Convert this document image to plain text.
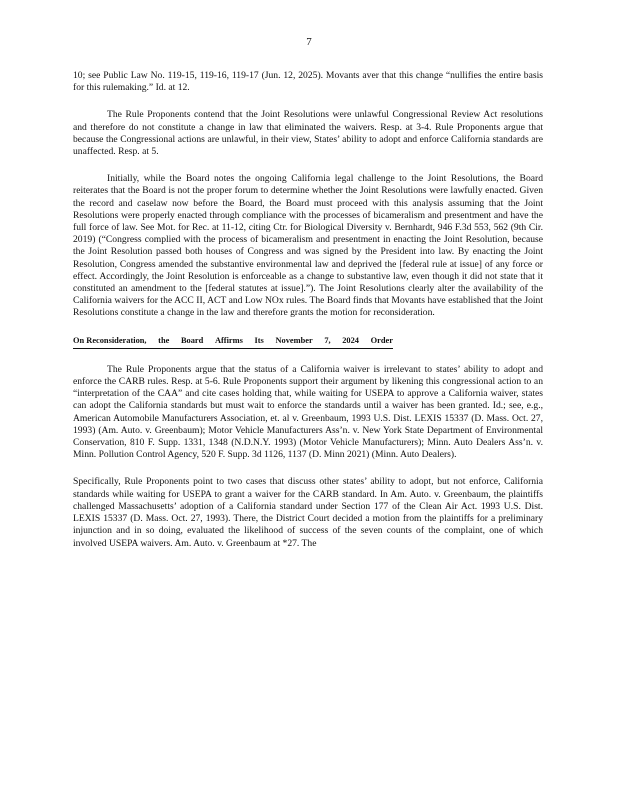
7

10; see Public Law No. 119-15, 119-16, 119-17 (Jun. 12, 2025). Movants aver that this change “nullifies the entire basis for this rulemaking.” Id. at 12.

The Rule Proponents contend that the Joint Resolutions were unlawful Congressional Review Act resolutions and therefore do not constitute a change in law that eliminated the waivers. Resp. at 3-4. Rule Proponents argue that because the Congressional actions are unlawful, in their view, States’ ability to adopt and enforce California standards are unaffected. Resp. at 5.

Initially, while the Board notes the ongoing California legal challenge to the Joint Resolutions, the Board reiterates that the Board is not the proper forum to determine whether the Joint Resolutions were lawfully enacted. Given the record and caselaw now before the Board, the Board must proceed with this analysis assuming that the Joint Resolutions were properly enacted through compliance with the processes of bicameralism and presentment and have the full force of law. See Mot. for Rec. at 11-12, citing Ctr. for Biological Diversity v. Bernhardt, 946 F.3d 553, 562 (9th Cir. 2019) (“Congress complied with the process of bicameralism and presentment in enacting the Joint Resolution, because the Joint Resolution passed both houses of Congress and was signed by the President into law. By enacting the Joint Resolution, Congress amended the substantive environmental law and deprived the [federal rule at issue] of any force or effect. Accordingly, the Joint Resolution is enforceable as a change to substantive law, even though it did not state that it constituted an amendment to the [federal statutes at issue].”). The Joint Resolutions clearly alter the availability of the California waivers for the ACC II, ACT and Low NOx rules. The Board finds that Movants have established that the Joint Resolutions constitute a change in the law and therefore grants the motion for reconsideration.

On Reconsideration, the Board Affirms Its November 7, 2024 Order

The Rule Proponents argue that the status of a California waiver is irrelevant to states’ ability to adopt and enforce the CARB rules. Resp. at 5-6. Rule Proponents support their argument by likening this congressional action to an “interpretation of the CAA” and cite cases holding that, while waiting for USEPA to approve a California waiver, states can adopt the California standards but must wait to enforce the standards until a waiver has been granted. Id.; see, e.g., American Automobile Manufacturers Association, et. al v. Greenbaum, 1993 U.S. Dist. LEXIS 15337 (D. Mass. Oct. 27, 1993) (Am. Auto. v. Greenbaum); Motor Vehicle Manufacturers Ass’n. v. New York State Department of Environmental Conservation, 810 F. Supp. 1331, 1348 (N.D.N.Y. 1993) (Motor Vehicle Manufacturers); Minn. Auto Dealers Ass’n. v. Minn. Pollution Control Agency, 520 F. Supp. 3d 1126, 1137 (D. Minn 2021) (Minn. Auto Dealers).

Specifically, Rule Proponents point to two cases that discuss other states’ ability to adopt, but not enforce, California standards while waiting for USEPA to grant a waiver for the CARB standard. In Am. Auto. v. Greenbaum, the plaintiffs challenged Massachusetts’ adoption of a California standard under Section 177 of the Clean Air Act. 1993 U.S. Dist. LEXIS 15337 (D. Mass. Oct. 27, 1993). There, the District Court decided a motion from the plaintiffs for a preliminary injunction and in so doing, evaluated the likelihood of success of the seven counts of the complaint, one of which involved USEPA waivers. Am. Auto. v. Greenbaum at *27. The
